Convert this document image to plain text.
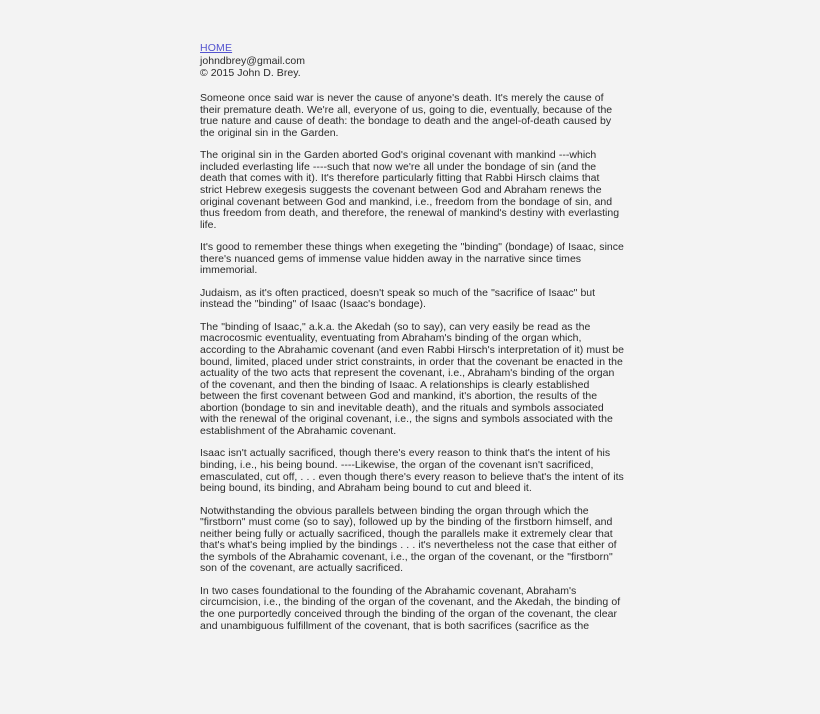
HOME
johndbrey@gmail.com
© 2015 John D. Brey.

Someone once said war is never the cause of anyone's death. It's merely the cause of their premature death. We're all, everyone of us, going to die, eventually, because of the true nature and cause of death: the bondage to death and the angel-of-death caused by the original sin in the Garden.

The original sin in the Garden aborted God's original covenant with mankind ---which included everlasting life ----such that now we're all under the bondage of sin (and the death that comes with it). It's therefore particularly fitting that Rabbi Hirsch claims that strict Hebrew exegesis suggests the covenant between God and Abraham renews the original covenant between God and mankind, i.e., freedom from the bondage of sin, and thus freedom from death, and therefore, the renewal of mankind's destiny with everlasting life.

It's good to remember these things when exegeting the "binding" (bondage) of Isaac, since there's nuanced gems of immense value hidden away in the narrative since times immemorial.

Judaism, as it's often practiced, doesn't speak so much of the "sacrifice of Isaac" but instead the "binding" of Isaac (Isaac's bondage).

The "binding of Isaac," a.k.a. the Akedah (so to say), can very easily be read as the macrocosmic eventuality, eventuating from Abraham's binding of the organ which, according to the Abrahamic covenant (and even Rabbi Hirsch's interpretation of it) must be bound, limited, placed under strict constraints, in order that the covenant be enacted in the actuality of the two acts that represent the covenant, i.e., Abraham's binding of the organ of the covenant, and then the binding of Isaac. A relationships is clearly established between the first covenant between God and mankind, it's abortion, the results of the abortion (bondage to sin and inevitable death), and the rituals and symbols associated with the renewal of the original covenant, i.e., the signs and symbols associated with the establishment of the Abrahamic covenant.

Isaac isn't actually sacrificed, though there's every reason to think that's the intent of his binding, i.e., his being bound. ----Likewise, the organ of the covenant isn't sacrificed, emasculated, cut off, . . . even though there's every reason to believe that's the intent of its being bound, its binding, and Abraham being bound to cut and bleed it.

Notwithstanding the obvious parallels between binding the organ through which the "firstborn" must come (so to say), followed up by the binding of the firstborn himself, and neither being fully or actually sacrificed, though the parallels make it extremely clear that that's what's being implied by the bindings . . . it's nevertheless not the case that either of the symbols of the Abrahamic covenant, i.e., the organ of the covenant, or the "firstborn" son of the covenant, are actually sacrificed.

In two cases foundational to the founding of the Abrahamic covenant, Abraham's circumcision, i.e., the binding of the organ of the covenant, and the Akedah, the binding of the one purportedly conceived through the binding of the organ of the covenant, the clear and unambiguous fulfillment of the covenant, that is both sacrifices (sacrifice as the
